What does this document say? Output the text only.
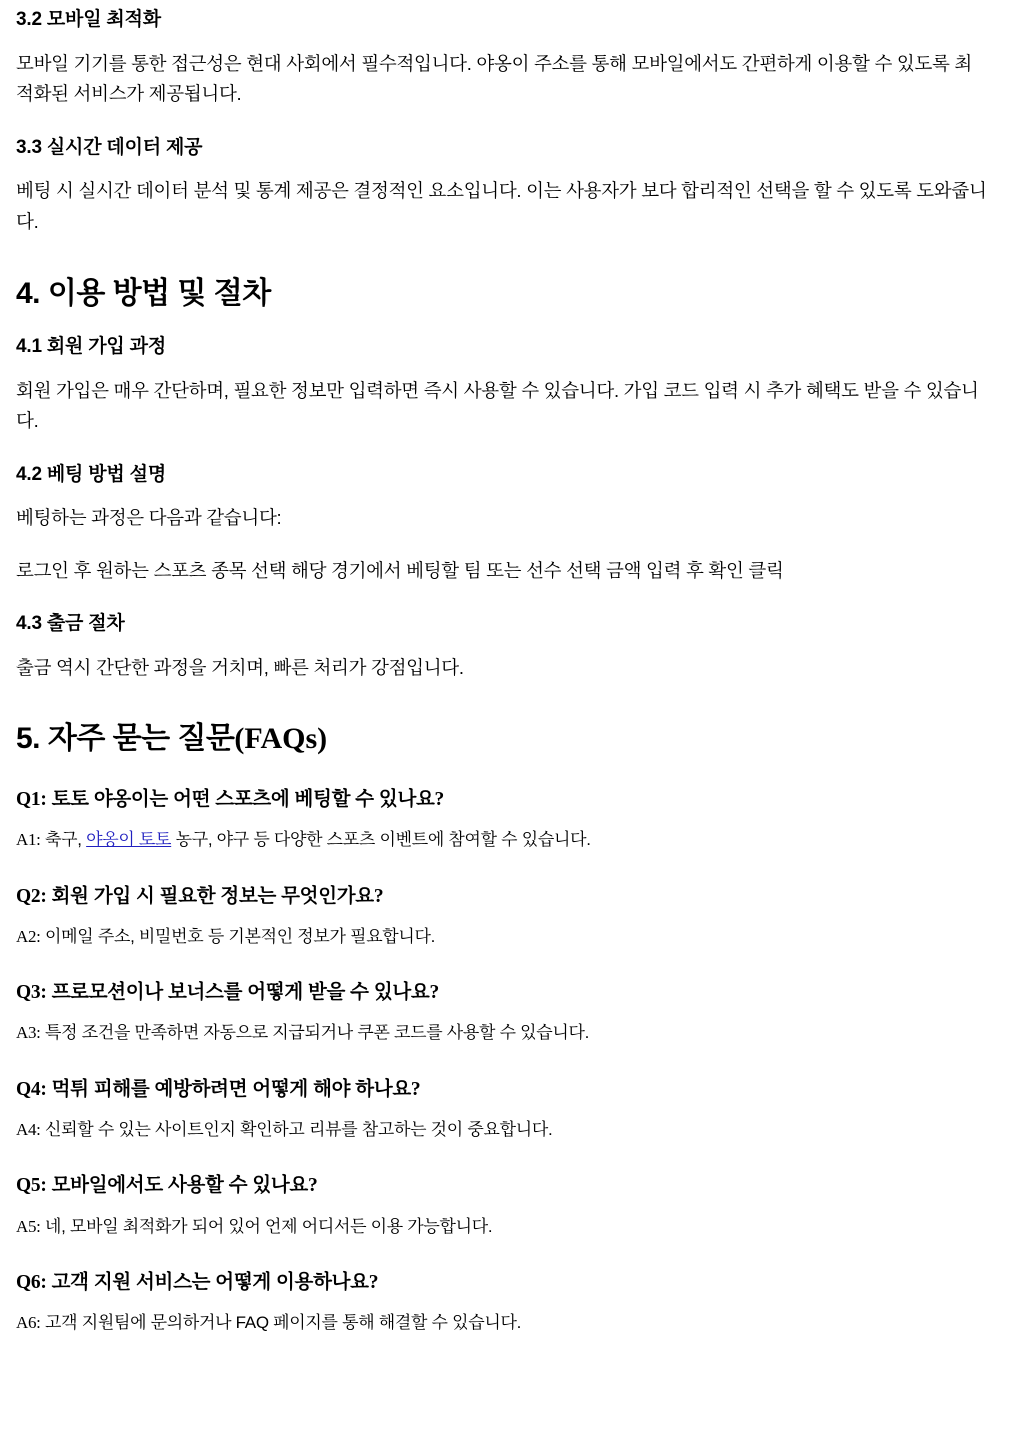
3.2 모바일 최적화

모바일 기기를 통한 접근성은 현대 사회에서 필수적입니다. 야옹이 주소를 통해 모바일에서도 간편하게 이용할 수 있도록 최적화된 서비스가 제공됩니다.

3.3 실시간 데이터 제공

베팅 시 실시간 데이터 분석 및 통계 제공은 결정적인 요소입니다. 이는 사용자가 보다 합리적인 선택을 할 수 있도록 도와줍니다.

4. 이용 방법 및 절차
4.1 회원 가입 과정

회원 가입은 매우 간단하며, 필요한 정보만 입력하면 즉시 사용할 수 있습니다. 가입 코드 입력 시 추가 혜택도 받을 수 있습니다.

4.2 베팅 방법 설명

베팅하는 과정은 다음과 같습니다:

로그인 후 원하는 스포츠 종목 선택 해당 경기에서 베팅할 팀 또는 선수 선택 금액 입력 후 확인 클릭

4.3 출금 절차

출금 역시 간단한 과정을 거치며, 빠른 처리가 강점입니다.

5. 자주 묻는 질문(FAQs)
Q1: 토토 야옹이는 어떤 스포츠에 베팅할 수 있나요?

A1: 축구, 야옹이 토토 농구, 야구 등 다양한 스포츠 이벤트에 참여할 수 있습니다.

Q2: 회원 가입 시 필요한 정보는 무엇인가요?

A2: 이메일 주소, 비밀번호 등 기본적인 정보가 필요합니다.

Q3: 프로모션이나 보너스를 어떻게 받을 수 있나요?

A3: 특정 조건을 만족하면 자동으로 지급되거나 쿠폰 코드를 사용할 수 있습니다.

Q4: 먹튀 피해를 예방하려면 어떻게 해야 하나요?

A4: 신뢰할 수 있는 사이트인지 확인하고 리뷰를 참고하는 것이 중요합니다.

Q5: 모바일에서도 사용할 수 있나요?

A5: 네, 모바일 최적화가 되어 있어 언제 어디서든 이용 가능합니다.

Q6: 고객 지원 서비스는 어떻게 이용하나요?

A6: 고객 지원팀에 문의하거나 FAQ 페이지를 통해 해결할 수 있습니다.
